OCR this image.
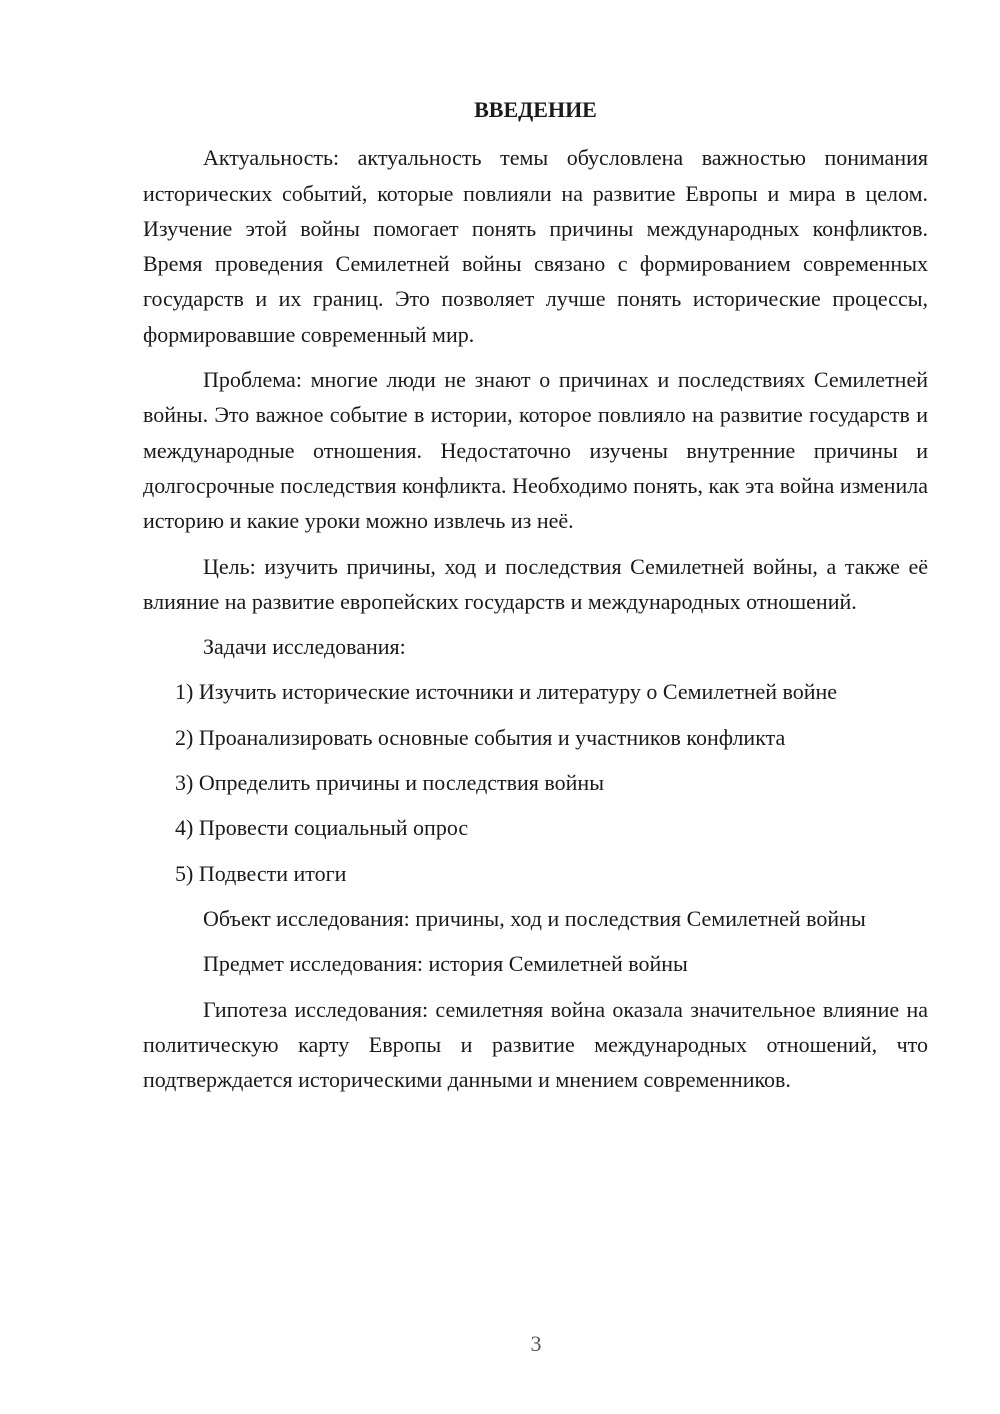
ВВЕДЕНИЕ

Актуальность: актуальность темы обусловлена важностью понимания исторических событий, которые повлияли на развитие Европы и мира в целом. Изучение этой войны помогает понять причины международных конфликтов. Время проведения Семилетней войны связано с формированием современных государств и их границ. Это позволяет лучше понять исторические процессы, формировавшие современный мир.

Проблема: многие люди не знают о причинах и последствиях Семилетней войны. Это важное событие в истории, которое повлияло на развитие государств и международные отношения. Недостаточно изучены внутренние причины и долгосрочные последствия конфликта. Необходимо понять, как эта война изменила историю и какие уроки можно извлечь из неё.

Цель: изучить причины, ход и последствия Семилетней войны, а также её влияние на развитие европейских государств и международных отношений.

Задачи исследования:

1) Изучить исторические источники и литературу о Семилетней войне
2) Проанализировать основные события и участников конфликта
3) Определить причины и последствия войны
4) Провести социальный опрос
5) Подвести итоги

Объект исследования: причины, ход и последствия Семилетней войны

Предмет исследования: история Семилетней войны

Гипотеза исследования: семилетняя война оказала значительное влияние на политическую карту Европы и развитие международных отношений, что подтверждается историческими данными и мнением современников.

3
